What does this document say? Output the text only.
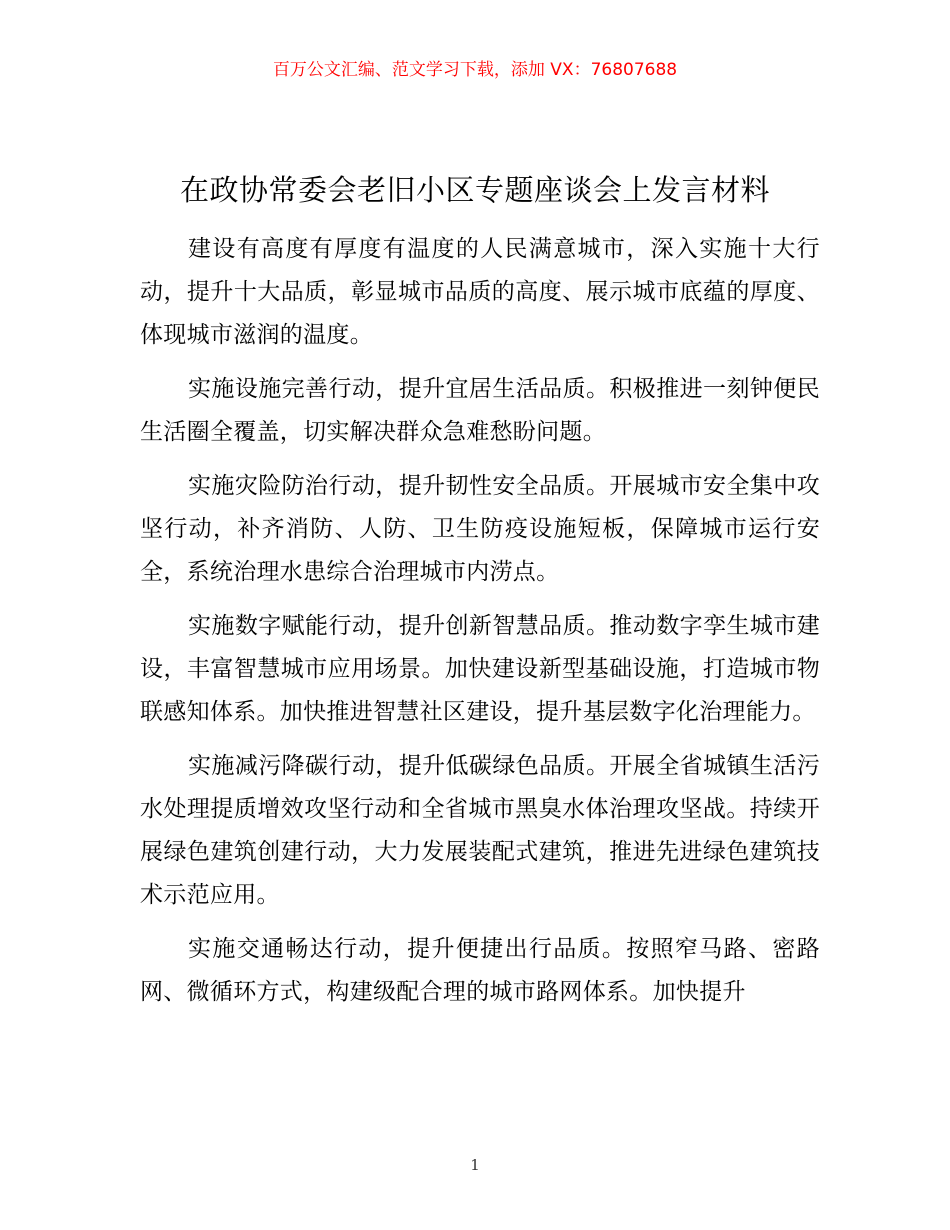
百万公文汇编、范文学习下载，添加 VX：76807688
在政协常委会老旧小区专题座谈会上发言材料

建设有高度有厚度有温度的人民满意城市，深入实施十大行动，提升十大品质，彰显城市品质的高度、展示城市底蕴的厚度、体现城市滋润的温度。

实施设施完善行动，提升宜居生活品质。积极推进一刻钟便民生活圈全覆盖，切实解决群众急难愁盼问题。

实施灾险防治行动，提升韧性安全品质。开展城市安全集中攻坚行动，补齐消防、人防、卫生防疫设施短板，保障城市运行安全，系统治理水患综合治理城市内涝点。

实施数字赋能行动，提升创新智慧品质。推动数字孪生城市建设，丰富智慧城市应用场景。加快建设新型基础设施，打造城市物联感知体系。加快推进智慧社区建设，提升基层数字化治理能力。

实施减污降碳行动，提升低碳绿色品质。开展全省城镇生活污水处理提质增效攻坚行动和全省城市黑臭水体治理攻坚战。持续开展绿色建筑创建行动，大力发展装配式建筑，推进先进绿色建筑技术示范应用。

实施交通畅达行动，提升便捷出行品质。按照窄马路、密路网、微循环方式，构建级配合理的城市路网体系。加快提升

1
